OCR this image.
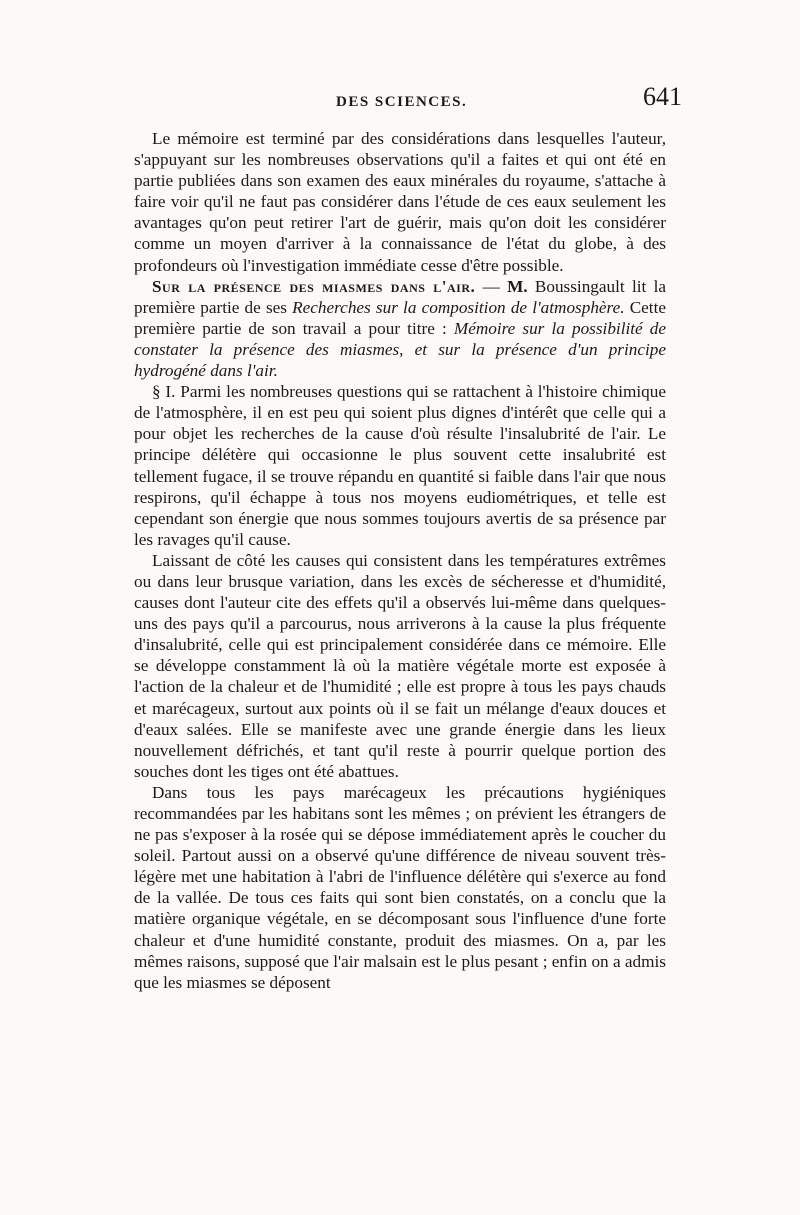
DES SCIENCES.	641

Le mémoire est terminé par des considérations dans lesquelles l'auteur, s'appuyant sur les nombreuses observations qu'il a faites et qui ont été en partie publiées dans son examen des eaux minérales du royaume, s'attache à faire voir qu'il ne faut pas considérer dans l'étude de ces eaux seulement les avantages qu'on peut retirer l'art de guérir, mais qu'on doit les considérer comme un moyen d'arriver à la connaissance de l'état du globe, à des profondeurs où l'investigation immédiate cesse d'être possible.

Sur la présence des miasmes dans l'air. — M. Boussingault lit la première partie de ses Recherches sur la composition de l'atmosphère. Cette première partie de son travail a pour titre : Mémoire sur la possibilité de constater la présence des miasmes, et sur la présence d'un principe hydrogéné dans l'air.

§ I. Parmi les nombreuses questions qui se rattachent à l'histoire chimique de l'atmosphère, il en est peu qui soient plus dignes d'intérêt que celle qui a pour objet les recherches de la cause d'où résulte l'insalubrité de l'air. Le principe délétère qui occasionne le plus souvent cette insalubrité est tellement fugace, il se trouve répandu en quantité si faible dans l'air que nous respirons, qu'il échappe à tous nos moyens eudiométriques, et telle est cependant son énergie que nous sommes toujours avertis de sa présence par les ravages qu'il cause.

Laissant de côté les causes qui consistent dans les températures extrêmes ou dans leur brusque variation, dans les excès de sécheresse et d'humidité, causes dont l'auteur cite des effets qu'il a observés lui-même dans quelques-uns des pays qu'il a parcourus, nous arriverons à la cause la plus fréquente d'insalubrité, celle qui est principalement considérée dans ce mémoire. Elle se développe constamment là où la matière végétale morte est exposée à l'action de la chaleur et de l'humidité ; elle est propre à tous les pays chauds et marécageux, surtout aux points où il se fait un mélange d'eaux douces et d'eaux salées. Elle se manifeste avec une grande énergie dans les lieux nouvellement défrichés, et tant qu'il reste à pourrir quelque portion des souches dont les tiges ont été abattues.

Dans tous les pays marécageux les précautions hygiéniques recommandées par les habitans sont les mêmes ; on prévient les étrangers de ne pas s'exposer à la rosée qui se dépose immédiatement après le coucher du soleil. Partout aussi on a observé qu'une différence de niveau souvent très-légère met une habitation à l'abri de l'influence délétère qui s'exerce au fond de la vallée. De tous ces faits qui sont bien constatés, on a conclu que la matière organique végétale, en se décomposant sous l'influence d'une forte chaleur et d'une humidité constante, produit des miasmes. On a, par les mêmes raisons, supposé que l'air malsain est le plus pesant ; enfin on a admis que les miasmes se déposent
